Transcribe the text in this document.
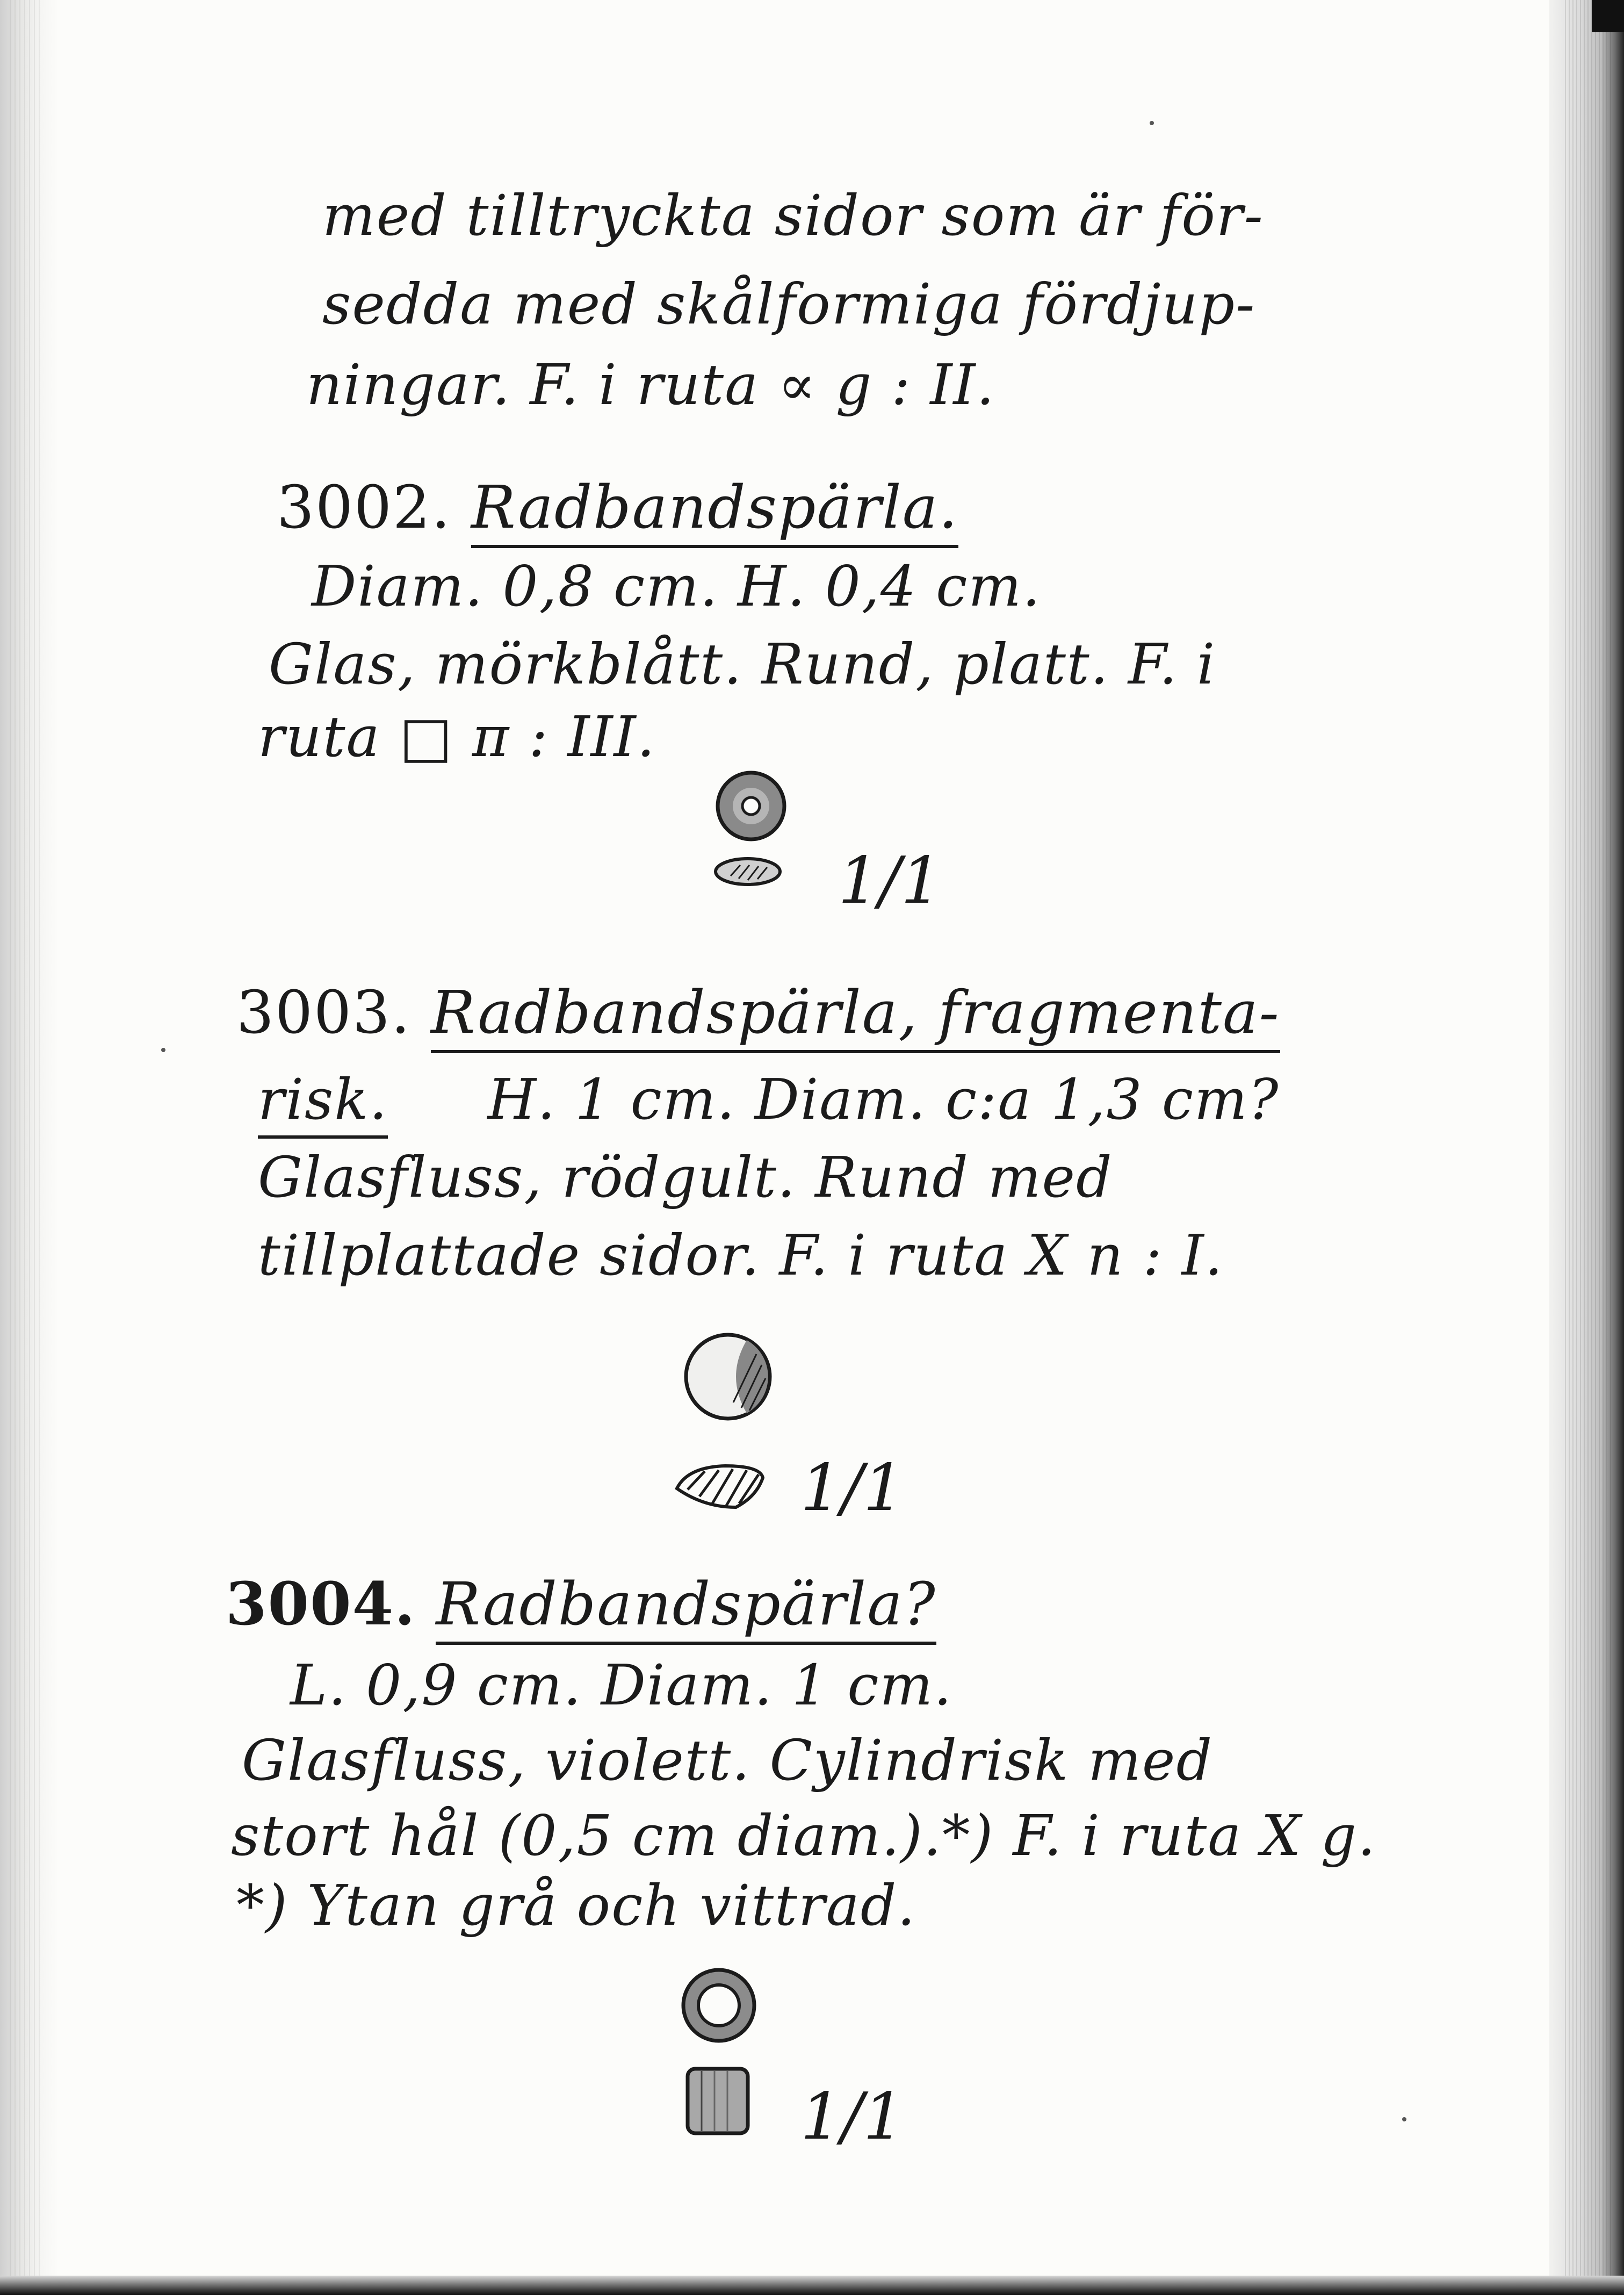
med tilltryckta sidor som är för-
sedda med skålformiga fördjup-
ningar. F. i ruta ∝ g : II.
3002. Radbandspärla.
Diam. 0,8 cm. H. 0,4 cm.
Glas, mörkblått. Rund, platt. F. i
ruta □ π : III.
1/1
3003. Radbandspärla, fragmenta-
risk. H. 1 cm. Diam. c:a 1,3 cm?
Glasfluss, rödgult. Rund med
tillplattade sidor. F. i ruta X n : I.
1/1
3004. Radbandspärla?
L. 0,9 cm. Diam. 1 cm.
Glasfluss, violett. Cylindrisk med
stort hål (0,5 cm diam.).*) F. i ruta X g.
*) Ytan grå och vittrad.
1/1
